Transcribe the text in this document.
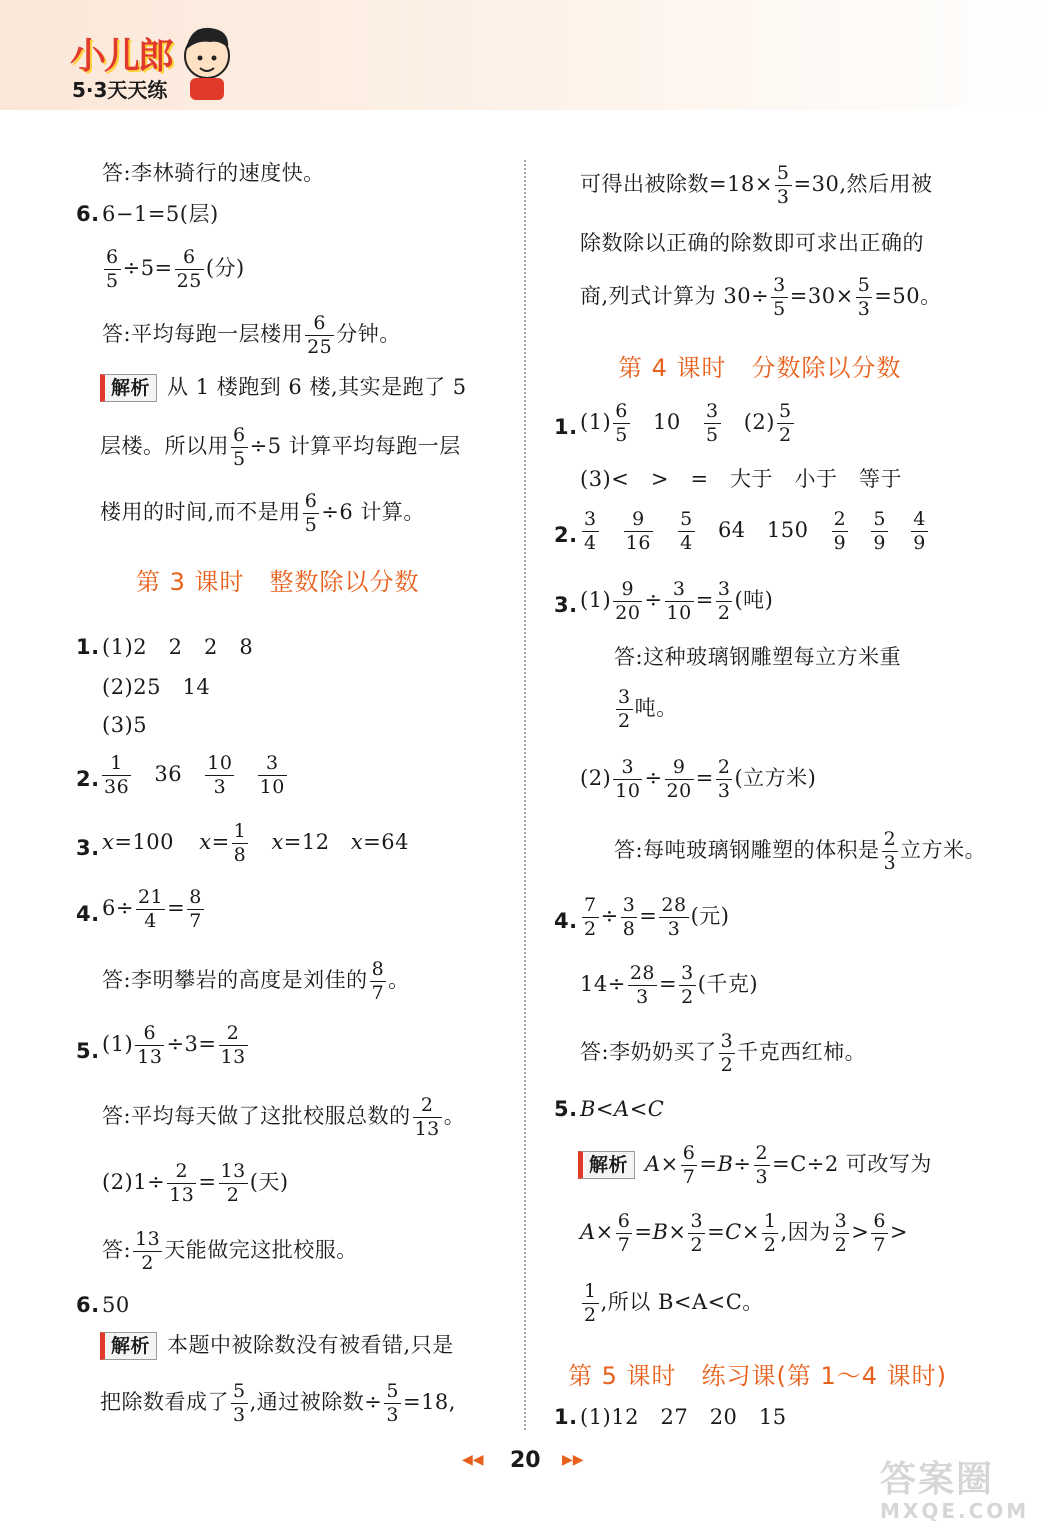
小儿郎
5·3天天练
答:李林骑行的速度快。
6. 6−1=5(层)
$\frac{6}{5} \div 5= \frac{6}{25}$ (分)
答:平均每跑一层楼用 $\frac{6}{25}$ 分钟。
解析 从 1 楼跑到 6 楼,其实是跑了 5
层楼。所以用 $\frac{6}{5} \div 5$ 计算平均每跑一层
楼用的时间,而不是用 $\frac{6}{5} \div 6$ 计算。
第 3 课时　整数除以分数
1. (1)2　2　2　8
(2)25　14
(3)5
2. $\frac{1}{36} 36 \frac{10}{3}$
$\frac{3}{10}$
3. x=100 $x= \frac{1}{8} x=12$ x=64
4. $6\div \frac{21}{4} = \frac{8}{7}$
答:李明攀岩的高度是刘佳的 $\frac{8}{7}$ 。
5. $(1) \frac{6}{13} \div 3= \frac{2}{13}$
答:平均每天做了这批校服总数的 $\frac{2}{13}$ 。
$(2)1\div \frac{2}{13} = \frac{13}{2}$ (天)
答: $\frac{13}{2}$ 天能做完这批校服。
6. 50
解析 本题中被除数没有被看错,只是
把除数看成了 $\frac{5}{3}$ ,通过被除数÷ $\frac{5}{3} =18$,
可得出被除数$=18\times \frac{5}{3} =30$,然后用被
除数除以正确的除数即可求出正确的
商,列式计算为 $30\div \frac{3}{5} =30\times \frac{5}{3} =50$。
第 4 课时　分数除以分数
1. $(1) \frac{6}{5} 10 \frac{3}{5} (2) \frac{5}{2}$
(3)<　>　=　大于　小于　等于
2. $\frac{3}{4}$
$\frac{9}{16}$
$\frac{5}{4} 64$ $150 \frac{2}{9}$
$\frac{5}{9}$
$\frac{4}{9}$
3. $(1) \frac{9}{20} \div \frac{3}{10} = \frac{3}{2}$ (吨)
答:这种玻璃钢雕塑每立方米重
$\frac{3}{2}$ 吨。
$(2) \frac{3}{10} \div \frac{9}{20} = \frac{2}{3}$ (立方米)
答:每吨玻璃钢雕塑的体积是 $\frac{2}{3}$ 立方米。
4. $\frac{7}{2} \div \frac{3}{8} = \frac{28}{3}$ (元)
$14\div \frac{28}{3} = \frac{3}{2}$ (千克)
答:李奶奶买了 $\frac{3}{2}$ 千克西红柿。
5. B<A<C
解析 $A\times \frac{6}{7} =B\div \frac{2}{3} =C\div 2$ 可改写为
$A\times \frac{6}{7} =B\times \frac{3}{2} =C\times \frac{1}{2}$ ,因为 $\frac{3}{2} > \frac{6}{7}$ >
$\frac{1}{2}$ ,所以 B<A<C。
第 5 课时　练习课(第 1～4 课时)
1. (1)12　27　20　15
◀◀ 20 ▶▶	答案圈
MXQE.COM
